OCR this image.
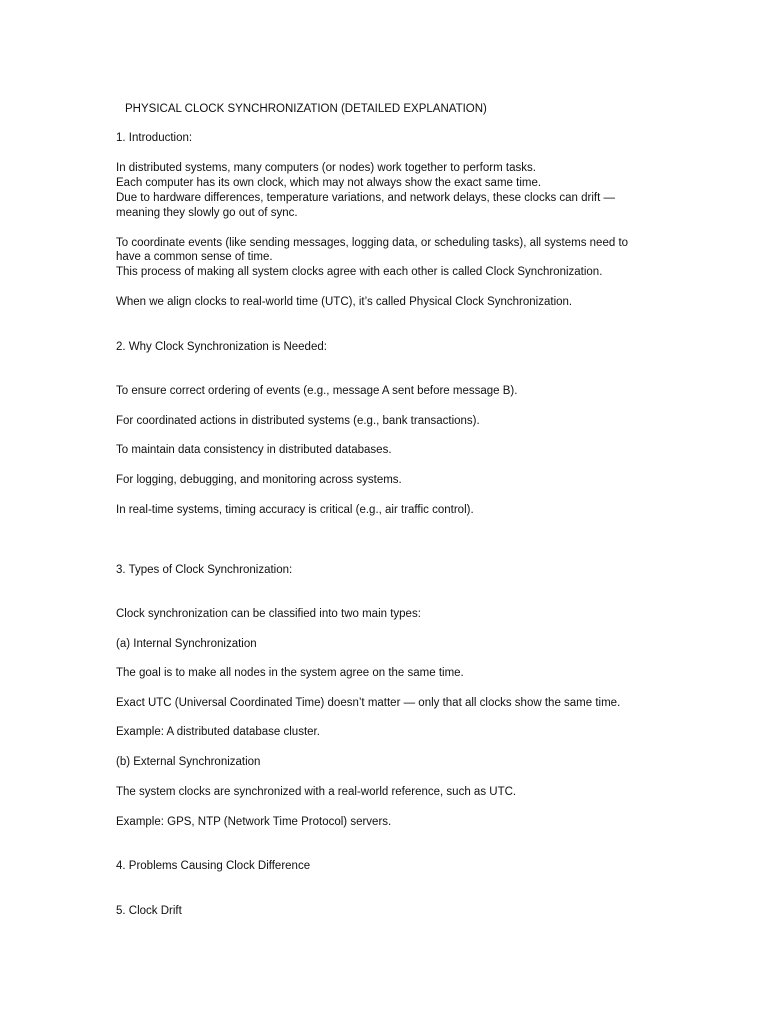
PHYSICAL CLOCK SYNCHRONIZATION (DETAILED EXPLANATION)

1. Introduction:

In distributed systems, many computers (or nodes) work together to perform tasks.

Each computer has its own clock, which may not always show the exact same time.

Due to hardware differences, temperature variations, and network delays, these clocks can drift —

meaning they slowly go out of sync.

To coordinate events (like sending messages, logging data, or scheduling tasks), all systems need to

have a common sense of time.

This process of making all system clocks agree with each other is called Clock Synchronization.

When we align clocks to real-world time (UTC), it’s called Physical Clock Synchronization.

2. Why Clock Synchronization is Needed:

To ensure correct ordering of events (e.g., message A sent before message B).

For coordinated actions in distributed systems (e.g., bank transactions).

To maintain data consistency in distributed databases.

For logging, debugging, and monitoring across systems.

In real-time systems, timing accuracy is critical (e.g., air traffic control).

3. Types of Clock Synchronization:

Clock synchronization can be classified into two main types:

(a) Internal Synchronization

The goal is to make all nodes in the system agree on the same time.

Exact UTC (Universal Coordinated Time) doesn’t matter — only that all clocks show the same time.

Example: A distributed database cluster.

(b) External Synchronization

The system clocks are synchronized with a real-world reference, such as UTC.

Example: GPS, NTP (Network Time Protocol) servers.

4. Problems Causing Clock Difference

5. Clock Drift
